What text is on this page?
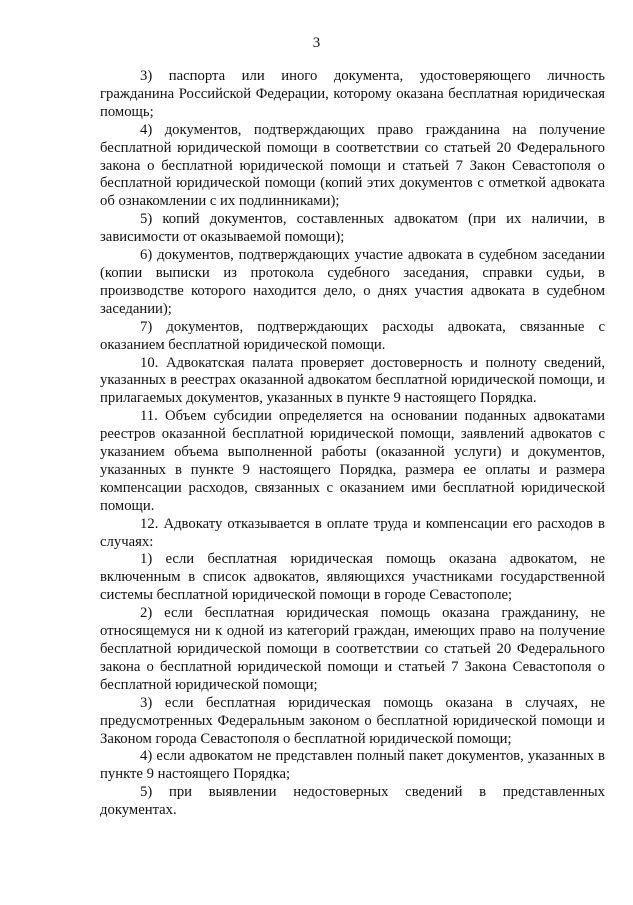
3

3) паспорта или иного документа, удостоверяющего личность гражданина Российской Федерации, которому оказана бесплатная юридическая помощь;

4) документов, подтверждающих право гражданина на получение бесплатной юридической помощи в соответствии со статьей 20 Федерального закона о бесплатной юридической помощи и статьей 7 Закон Севастополя о бесплатной юридической помощи (копий этих документов с отметкой адвоката об ознакомлении с их подлинниками);

5) копий документов, составленных адвокатом (при их наличии, в зависимости от оказываемой помощи);

6) документов, подтверждающих участие адвоката в судебном заседании (копии выписки из протокола судебного заседания, справки судьи, в производстве которого находится дело, о днях участия адвоката в судебном заседании);

7) документов, подтверждающих расходы адвоката, связанные с оказанием бесплатной юридической помощи.

10. Адвокатская палата проверяет достоверность и полноту сведений, указанных в реестрах оказанной адвокатом бесплатной юридической помощи, и прилагаемых документов, указанных в пункте 9 настоящего Порядка.

11. Объем субсидии определяется на основании поданных адвокатами реестров оказанной бесплатной юридической помощи, заявлений адвокатов с указанием объема выполненной работы (оказанной услуги) и документов, указанных в пункте 9 настоящего Порядка, размера ее оплаты и размера компенсации расходов, связанных с оказанием ими бесплатной юридической помощи.

12. Адвокату отказывается в оплате труда и компенсации его расходов в случаях:

1) если бесплатная юридическая помощь оказана адвокатом, не включенным в список адвокатов, являющихся участниками государственной системы бесплатной юридической помощи в городе Севастополе;

2) если бесплатная юридическая помощь оказана гражданину, не относящемуся ни к одной из категорий граждан, имеющих право на получение бесплатной юридической помощи в соответствии со статьей 20 Федерального закона о бесплатной юридической помощи и статьей 7 Закона Севастополя о бесплатной юридической помощи;

3) если бесплатная юридическая помощь оказана в случаях, не предусмотренных Федеральным законом о бесплатной юридической помощи и Законом города Севастополя о бесплатной юридической помощи;

4) если адвокатом не представлен полный пакет документов, указанных в пункте 9 настоящего Порядка;

5) при выявлении недостоверных сведений в представленных документах.
